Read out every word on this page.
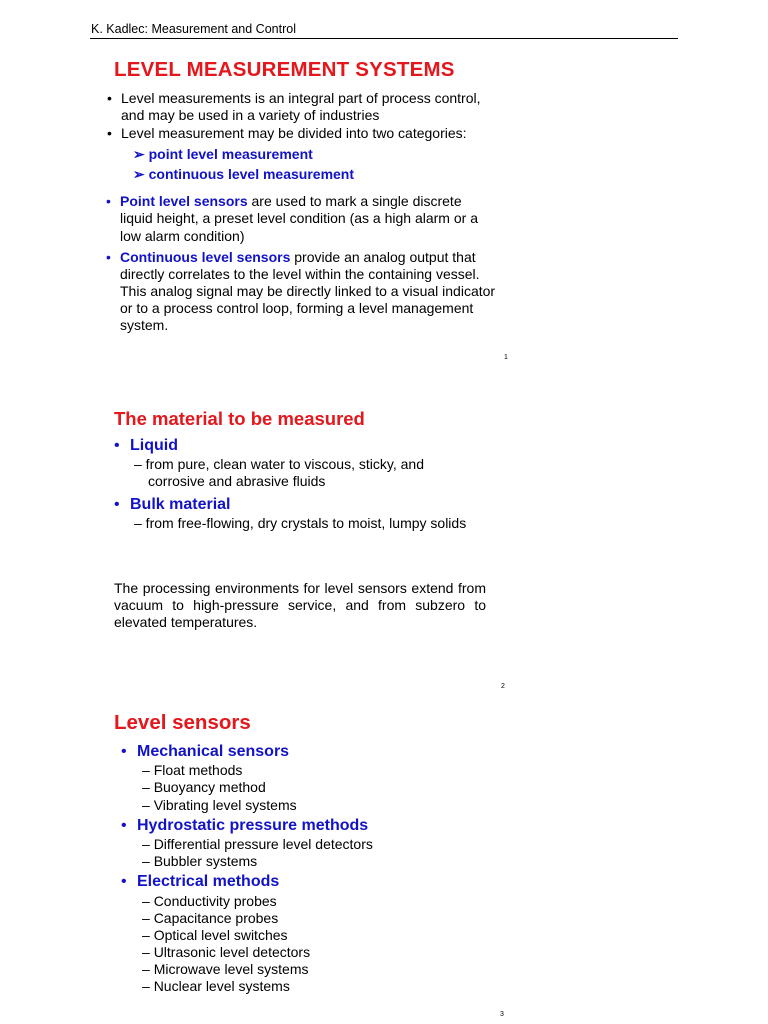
K. Kadlec: Measurement and Control
LEVEL MEASUREMENT SYSTEMS
• Level measurements is an integral part of process control,
and may be used in a variety of industries
• Level measurement may be divided into two categories:
➢ point level measurement
➢ continuous level measurement
• Point level sensors are used to mark a single discrete
liquid height, a preset level condition (as a high alarm or a
low alarm condition)
• Continuous level sensors provide an analog output that
directly correlates to the level within the containing vessel.
This analog signal may be directly linked to a visual indicator
or to a process control loop, forming a level management
system.
1
The material to be measured
• Liquid
– from pure, clean water to viscous, sticky, and
corrosive and abrasive fluids
• Bulk material
– from free-flowing, dry crystals to moist, lumpy solids
The processing environments for level sensors extend from vacuum to high-pressure service, and from subzero to elevated temperatures.
2
Level sensors
• Mechanical sensors
– Float methods
– Buoyancy method
– Vibrating level systems
• Hydrostatic pressure methods
– Differential pressure level detectors
– Bubbler systems
• Electrical methods
– Conductivity probes
– Capacitance probes
– Optical level switches
– Ultrasonic level detectors
– Microwave level systems
– Nuclear level systems
3
